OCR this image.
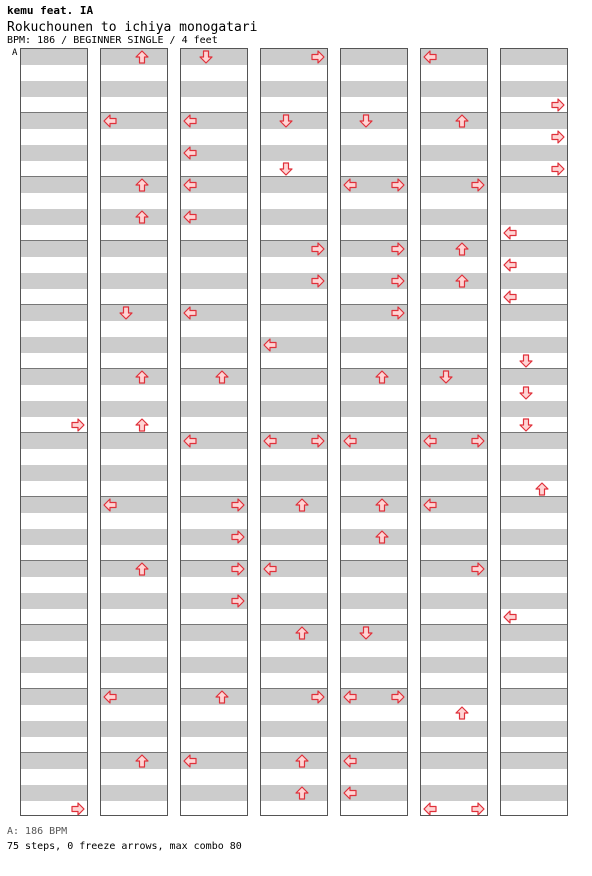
kemu feat. IA
Rokuchounen to ichiya monogatari
BPM: 186 / BEGINNER SINGLE / 4 feet
A
A: 186 BPM
75 steps, 0 freeze arrows, max combo 80
